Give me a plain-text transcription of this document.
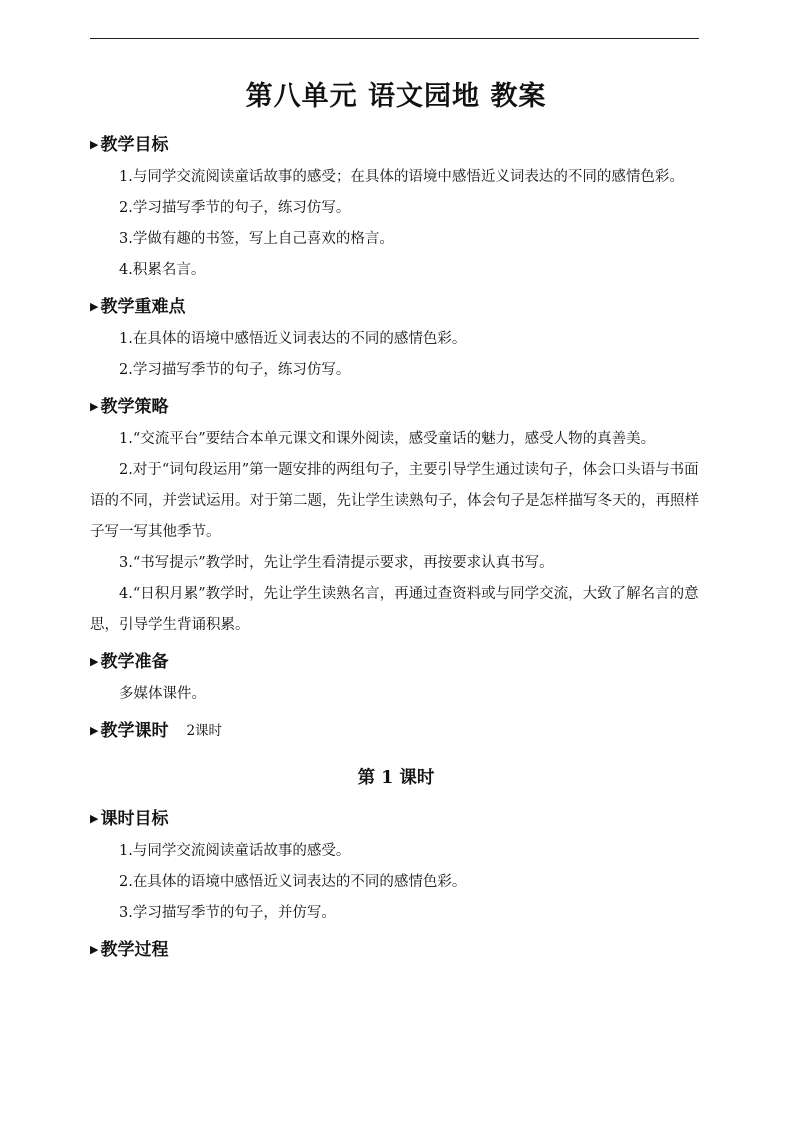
第八单元 语文园地 教案
▶ 教学目标

1.与同学交流阅读童话故事的感受；在具体的语境中感悟近义词表达的不同的感情色彩。

2.学习描写季节的句子，练习仿写。

3.学做有趣的书签，写上自己喜欢的格言。

4.积累名言。

▶ 教学重难点

1.在具体的语境中感悟近义词表达的不同的感情色彩。

2.学习描写季节的句子，练习仿写。

▶ 教学策略

1.“交流平台”要结合本单元课文和课外阅读，感受童话的魅力，感受人物的真善美。

2.对于“词句段运用”第一题安排的两组句子，主要引导学生通过读句子，体会口头语与书面语的不同，并尝试运用。对于第二题，先让学生读熟句子，体会句子是怎样描写冬天的，再照样子写一写其他季节。

3.“书写提示”教学时，先让学生看清提示要求，再按要求认真书写。

4.“日积月累”教学时，先让学生读熟名言，再通过查资料或与同学交流，大致了解名言的意思，引导学生背诵积累。

▶ 教学准备

多媒体课件。

▶ 教学课时 2课时
第 1 课时
▶ 课时目标

1.与同学交流阅读童话故事的感受。

2.在具体的语境中感悟近义词表达的不同的感情色彩。

3.学习描写季节的句子，并仿写。

▶ 教学过程
